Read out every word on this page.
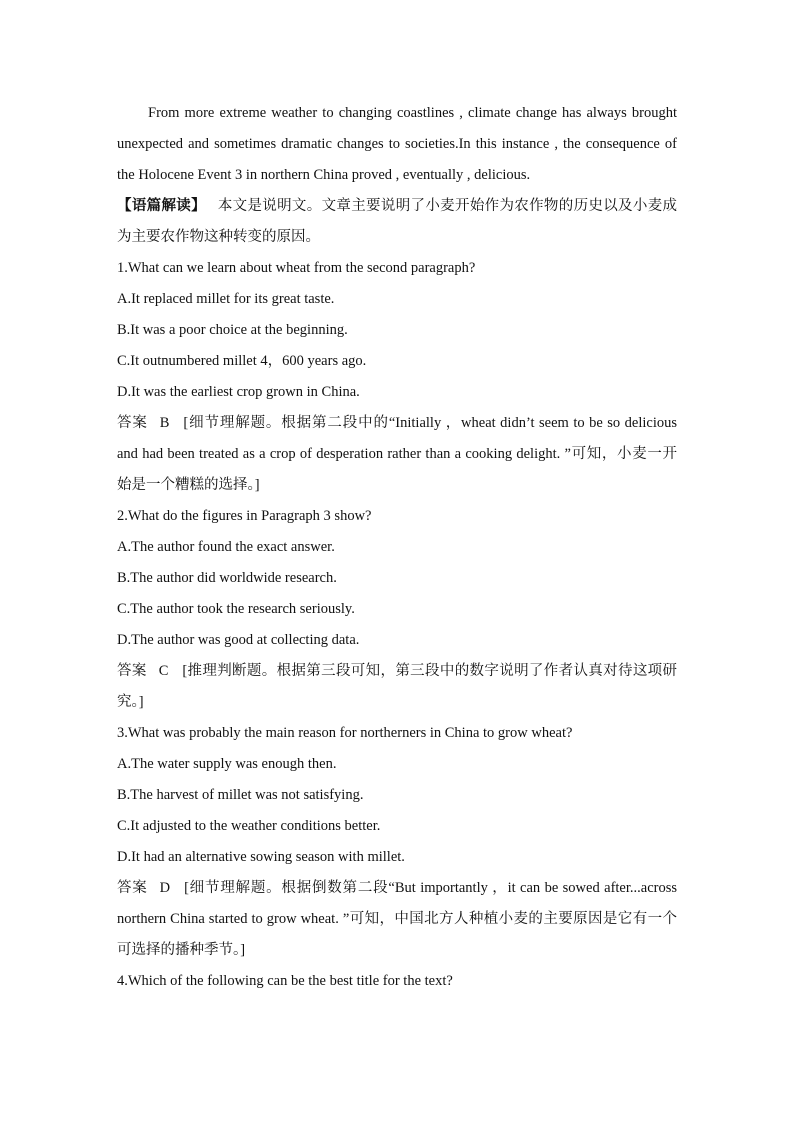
From more extreme weather to changing coastlines , climate change has always brought unexpected and sometimes dramatic changes to societies.In this instance , the consequence of the Holocene Event 3 in northern China proved , eventually , delicious.

【语篇解读】 本文是说明文。文章主要说明了小麦开始作为农作物的历史以及小麦成为主要农作物这种转变的原因。

1.What can we learn about wheat from the second paragraph?

A.It replaced millet for its great taste.

B.It was a poor choice at the beginning.

C.It outnumbered millet 4，600 years ago.

D.It was the earliest crop grown in China.

答案 B [细节理解题。根据第二段中的“Initially ，wheat didn’t seem to be so delicious and had been treated as a crop of desperation rather than a cooking delight. ”可知，小麦一开始是一个糟糕的选择。]

2.What do the figures in Paragraph 3 show?

A.The author found the exact answer.

B.The author did worldwide research.

C.The author took the research seriously.

D.The author was good at collecting data.

答案 C [推理判断题。根据第三段可知，第三段中的数字说明了作者认真对待这项研究。]

3.What was probably the main reason for northerners in China to grow wheat?

A.The water supply was enough then.

B.The harvest of millet was not satisfying.

C.It adjusted to the weather conditions better.

D.It had an alternative sowing season with millet.

答案 D [细节理解题。根据倒数第二段“But importantly ，it can be sowed after...across northern China started to grow wheat. ”可知，中国北方人种植小麦的主要原因是它有一个可选择的播种季节。]

4.Which of the following can be the best title for the text?
